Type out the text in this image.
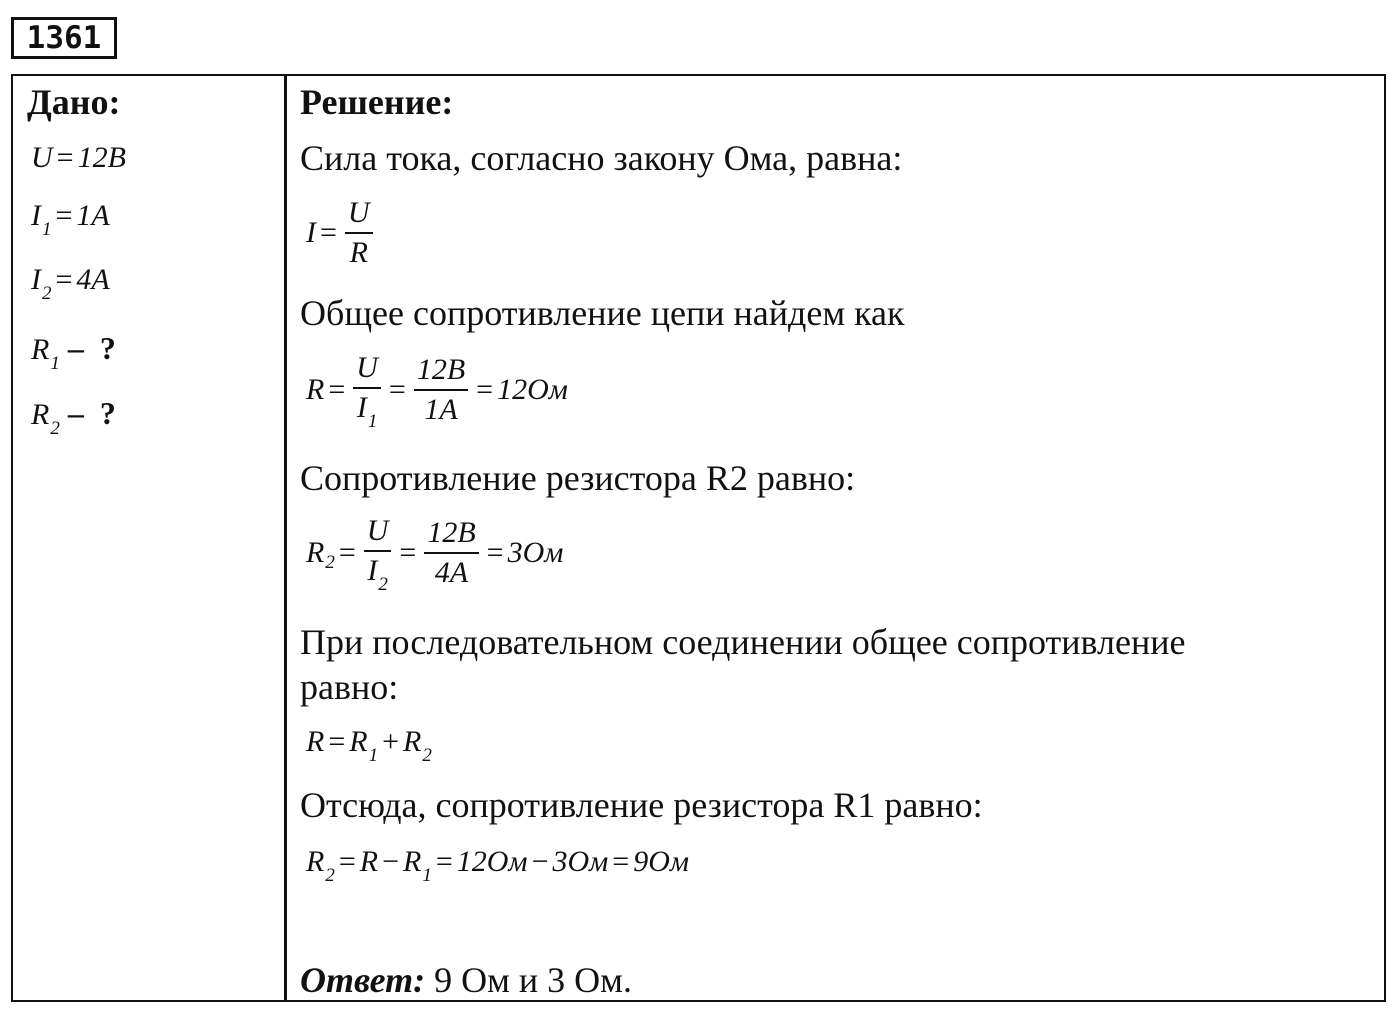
1361
Дано:
U = 12B
$I_1 = 1A$
$I_2 = 4A$
$R_1$ – ?
$R_2$ – ?
Решение:
Сила тока, согласно закону Ома, равна:
$I = \frac{U}{R}$
Общее сопротивление цепи найдем как
$R = \frac{U}{I_1} = \frac{12B}{1A} = 12Ом$
Сопротивление резистора R2 равно:
R $2 = \frac{U}{I_2} = \frac{12B}{4A} = 3Ом$
При последовательном соединении общее сопротивление
равно:
$R = R_1 + R_2$
Отсюда, сопротивление резистора R1 равно:
$R_2 = R - R_1 = 12Ом - 3Ом = 9Ом$
Ответ: 9 Ом и 3 Ом.
